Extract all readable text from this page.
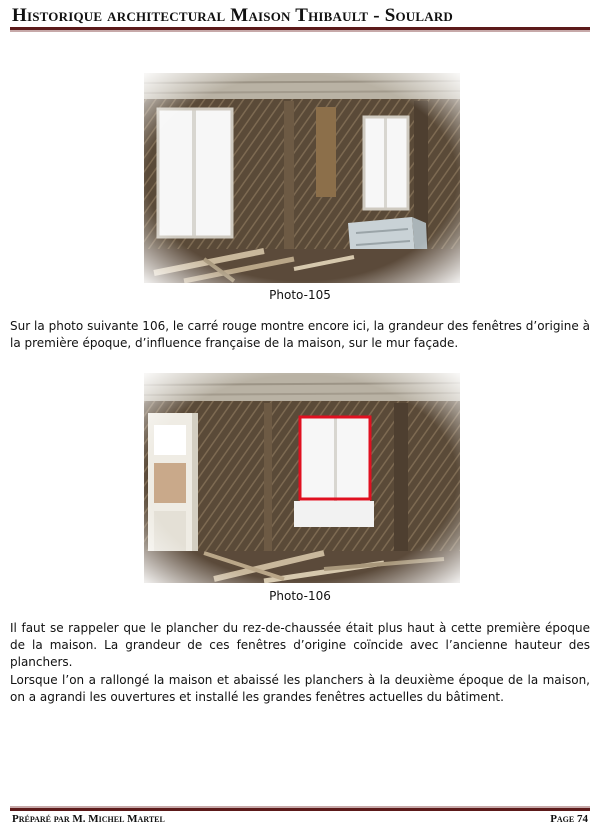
Historique architectural Maison Thibault - Soulard
Photo-105
Sur la photo suivante 106, le carré rouge montre encore ici, la grandeur des fenêtres d’origine à la première époque, d’influence française de la maison, sur le mur façade.
Photo-106
Il faut se rappeler que le plancher du rez-de-chaussée était plus haut à cette première époque de la maison. La grandeur de ces fenêtres d’origine coïncide avec l’ancienne hauteur des planchers.
Lorsque l’on a rallongé la maison et abaissé les planchers à la deuxième époque de la maison, on a agrandi les ouvertures et installé les grandes fenêtres actuelles du bâtiment.
Préparé par M. Michel Martel	Page 74
